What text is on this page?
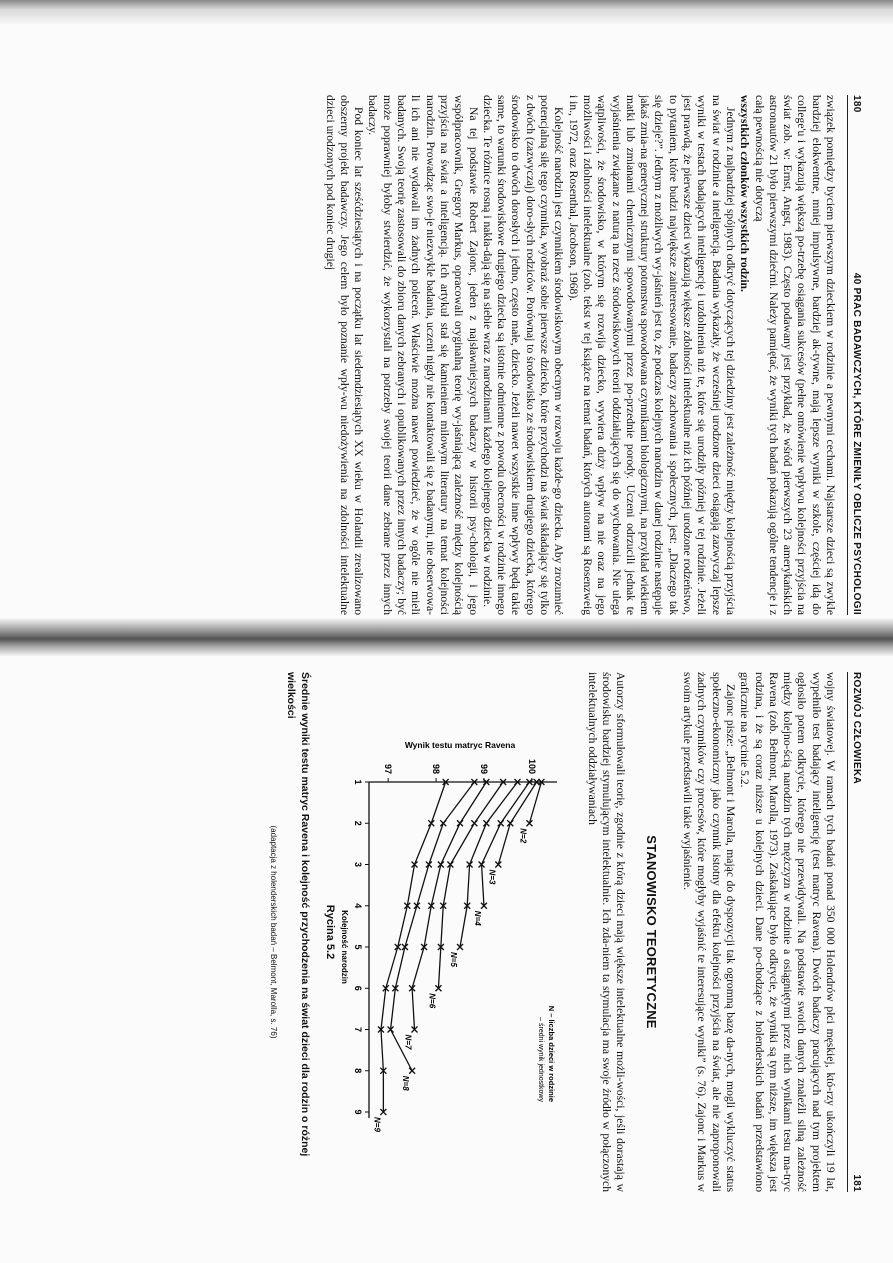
180
40 PRAC BADAWCZYCH, KTÓRE ZMIENIŁY OBLICZE PSYCHOLOGII

związek pomiędzy byciem pierwszym dzieckiem w rodzinie a pewnymi cechami. Najstarsze dzieci są zwykle bardziej elokwentne, mniej impulsywne, bardziej ak-tywne, mają lepsze wyniki w szkole, częściej idą do college'u i wykazują większą po-trzebę osiągania sukcesów (pełne omówienie wpływu kolejności przyjścia na świat zob. w: Ernst, Angst, 1983). Często podawany jest przykład, że wśród pierwszych 23 amerykańskich astronautów 21 było pierwszymi dziećmi. Należy pamiętać, że wyniki tych badań pokazują ogólne tendencje i z całą pewnością nie dotyczą

wszystkich członków wszystkich rodzin.

Jednym z najbardziej spójnych odkryć dotyczących tej dziedziny jest zależność między kolejnością przyjścia na świat w rodzinie a inteligencją. Badania wykazały, że wcześniej urodzone dzieci osiągają zazwyczaj lepsze wyniki w testach badających inteligencję i uzdolnienia niż te, które się urodziły później w tej rodzinie. Jeżeli jest prawdą, że pierwsze dzieci wykazują większe zdolności intelektualne niż ich później urodzone rodzeństwo, to pytaniem, które budzi największe zainteresowanie, badaczy zachowania i społecznych, jest: „Dlaczego tak się dzieje?”. Jednym z możliwych wy-jaśnień jest to, że podczas kolejnych narodzin w danej rodzinie następuje jakaś zmia-na genetycznej struktury potomstwa spowodowana czynnikami biologicznymi, na przykład wiekiem matki lub zmianami chemicznymi spowodowanymi przez po-przednie porody. Uczeni odrzucili jednak te wyjaśnienia związane z naturą na rzecz środowiskowych teorii oddziałujących się do wychowania. Nie ulega wątpliwości, że środowisko, w którym się rozwija dziecko, wywiera duży wpływ na nie oraz na jego możliwości i zdolności intelektualne (zob. tekst w tej książce na temat badań, których autorami są Rosenzweig i in., 1972, oraz Rosenthal, Jacobson, 1968).

Kolejność narodzin jest czynnikiem środowiskowym obecnym w rozwoju każde-go dziecka. Aby zrozumieć potencjalną siłę tego czynnika, wyobraź sobie pierwsze dziecko, które przychodzi na świat składający się tylko z dwóch (zazwyczaj) doro-słych rodziców. Porównaj to środowisko ze środowiskiem drugiego dziecka, którego środowisko to dwóch dorosłych i jedno, często małe, dziecko. Jeżeli nawet wszystkie inne wpływy będą takie same, to warunki środowiskowe drugiego dziecka są istotnie odmienne z powodu obecności w rodzinie innego dziecka. Te różnice rosną i nakła-dają się na siebie wraz z narodzinami każdego kolejnego dziecka w rodzinie.

Na tej podstawie Robert Zajonc, jeden z najsławniejszych badaczy w historii psy-chologii, i jego współpracownik, Gregory Markus, opracowali oryginalną teorię wy-jaśniającą zależność między kolejnością przyjścia na świat a inteligencją. Ich artykuł stał się kamieniem milowym literatury na temat kolejności narodzin. Prowadząc swo-je niezwykle badania, uczeni nigdy nie kontaktowali się z badanymi, nie obserwowa-li ich ani nie wydawali im żadnych poleceń. Właściwie można nawet powiedzieć, że w ogóle nie mieli badanych. Swoją teorię zastosowali do zbioru danych zebranych i opublikowanych przez innych badaczy; być może poprawniej byłoby stwierdzić, że wykorzystali na potrzeby swojej teorii dane zebrane przez innych badaczy.

Pod koniec lat sześćdziesiątych i na początku lat siedemdziesiątych XX wieku w Holandii zrealizowano obszerny projekt badawczy. Jego celem było poznanie wpły-wu niedożywienia na zdolności intelektualne dzieci urodzonych pod koniec drugiej

ROZWÓJ CZŁOWIEKA
181

wojny światowej. W ramach tych badań ponad 350 000 Holendrów płci męskiej, któ-rzy ukończyli 19 lat, wypełniło test badający inteligencję (test matryc Ravena). Dwóch badaczy pracujących nad tym projektem ogłosiło potem odkrycie, którego nie przewidywali. Na podstawie swoich danych znaleźli silną zależność między kolejno-ścią narodzin tych mężczyzn w rodzinie a osiągniętymi przez nich wynikami testu ma-tryc Ravena (zob. Belmont, Marolla, 1973). Zaskakujące było odkrycie, że wyniki są tym niższe, im większa jest rodzina, i że są coraz niższe u kolejnych dzieci. Dane po-chodzące z holenderskich badań przedstawiono graficznie na rycinie 5.2.

Zajonc pisze: „Belmont i Marolla, mając do dyspozycji tak ogromną bazę da-nych, mogli wykluczyć status społeczno-ekonomiczny jako czynnik istotny dla efektu kolejności przyjścia na świat, ale nie zaproponowali żadnych czynników czy procesów, które mogłyby wyjaśnić te interesujące wyniki” (s. 76). Zajonc i Markus w swoim artykule przedstawili takie wyjaśnienie.

STANOWISKO TEORETYCZNE

Autorzy sformułowali teorię, zgodnie z którą dzieci mają większe intelektualne możli-wości, jeśli dorastają w środowisku bardziej stymulującym intelektualnie. Ich zda-niem ta stymulacja ma swoje źródło w połączonych intelektualnych oddziaływaniach

97	98	99	100
1
2
3
4
5
6
7
8
9
Wynik testu matryc Ravena
Kolejność narodzin
N – liczba dzieci w rodzinie
– średni wynik jednostkowy
N=2
N=3
N=4
N=5
N=6
N=7
N=8
N=9
Rycina 5.2
Średnie wyniki testu matryc Ravena i kolejność przychodzenia na świat dzieci dla rodzin o różnej wielkości
(adaptacja z holenderskich badań – Belmont, Marolla, s. 76)
